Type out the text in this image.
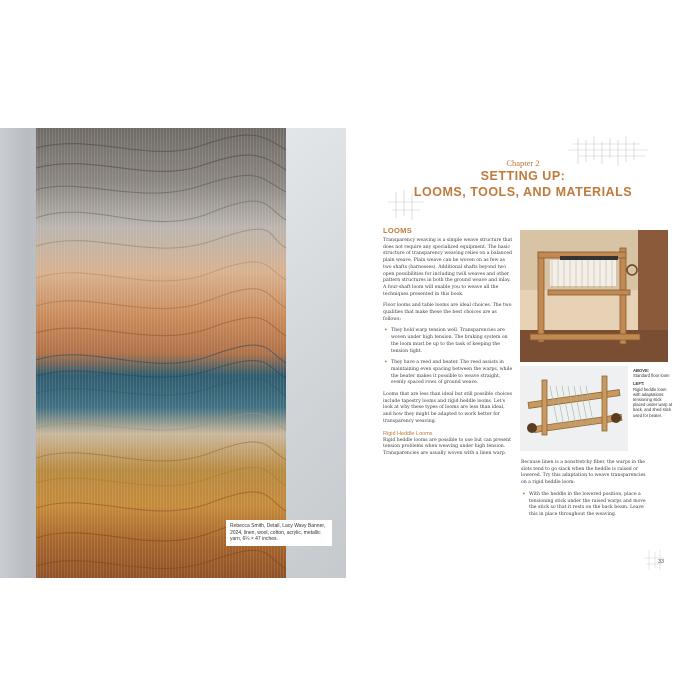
Rebecca Smith, Detail, Lacy Wavy Banner, 2024, linen, wool, cotton, acrylic, metallic yarn, 6¼ × 47 inches.
Chapter 2
SETTING UP:
LOOMS, TOOLS, AND MATERIALS
LOOMS

Transparency weaving is a simple weave structure that does not require any specialized equipment. The basic structure of transparency weaving relies on a balanced plain weave. Plain weave can be woven on as few as two shafts (harnesses). Additional shafts beyond two open possibilities for including twill weaves and other pattern structures in both the ground weave and inlay. A four-shaft loom will enable you to weave all the techniques presented in this book.

Floor looms and table looms are ideal choices. The two qualities that make these the best choices are as follows:

• They hold warp tension well. Transparencies are woven under high tension. The braking system on the loom must be up to the task of keeping the tension tight.

• They have a reed and beater. The reed assists in maintaining even spacing between the warps, while the beater makes it possible to weave straight, evenly spaced rows of ground weave.

Looms that are less than ideal but still possible choices include tapestry looms and rigid heddle looms. Let's look at why these types of looms are less than ideal, and how they might be adapted to work better for transparency weaving.

Rigid Heddle Looms

Rigid heddle looms are possible to use but can present tension problems when weaving under high tension. Transparencies are usually woven with a linen warp.

ABOVE:
Standard floor loom
LEFT:
Rigid heddle loom with adaptations: tensioning stick placed under warp at back, and shed stick used for beater.

Because linen is a nonstretchy fiber, the warps in the slots tend to go slack when the heddle is raised or lowered. Try this adaptation to weave transparencies on a rigid heddle loom:

• With the heddle in the lowered position, place a tensioning stick under the raised warps and move the stick so that it rests on the back beam. Leave this in place throughout the weaving.

33
